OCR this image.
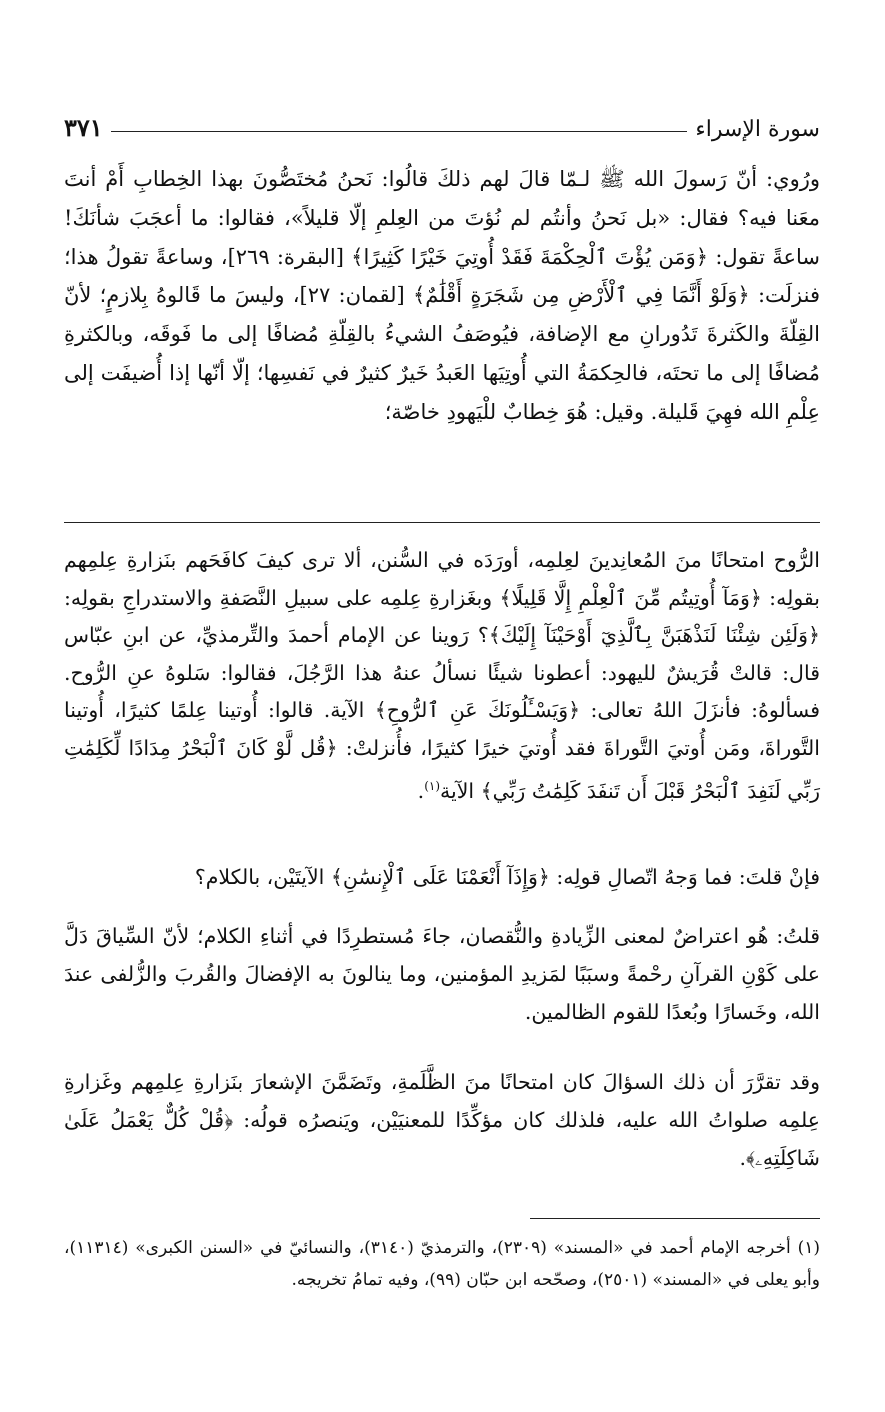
سورة الإسراء
٣٧١

ورُوي: أنّ رَسولَ الله ﷺ لـمّا قالَ لهم ذلكَ قالُوا: نَحنُ مُختَصُّونَ بهذا الخِطابِ أَمْ أنتَ معَنا فيه؟ فقال: «بل نَحنُ وأنتُم لم نُؤتَ من العِلمِ إلّا قليلاً»، فقالوا: ما أعجَبَ شأنَكَ! ساعةً تقول: ﴿وَمَن يُؤْتَ ٱلْحِكْمَةَ فَقَدْ أُوتِيَ خَيْرًا كَثِيرًا﴾ [البقرة: ٢٦٩]، وساعةً تقولُ هذا؛ فنزلَت: ﴿وَلَوْ أَنَّمَا فِي ٱلْأَرْضِ مِن شَجَرَةٍ أَقْلَٰمٌ﴾ [لقمان: ٢٧]، وليسَ ما قَالوهُ بِلازمٍ؛ لأنّ القِلّةَ والكَثرةَ تَدُورانِ مع الإضافة، فيُوصَفُ الشيءُ بالقِلّةِ مُضافًا إلى ما فَوقَه، وبالكثرةِ مُضافًا إلى ما تحتَه، فالحِكمَةُ التي أُوتِيَها العَبدُ خَيرٌ كثيرٌ في نَفسِها؛ إلّا أنّها إذا أُضيفَت إلى عِلْمِ الله فهِيَ قَليلة. وقيل: هُوَ خِطابٌ للْيَهودِ خاصّة؛

الرُّوح امتحانًا منَ المُعانِدينَ لعِلمِه، أورَدَه في السُّنن، ألا ترى كيفَ كافَحَهم بنَزارةِ عِلمِهم بقولِه: ﴿وَمَآ أُوتِيتُم مِّنَ ٱلْعِلْمِ إِلَّا قَلِيلًا﴾ وبغَزارةِ عِلمِه على سبيلِ النَّصَفةِ والاستدراجِ بقولِه: ﴿وَلَئِن شِئْنَا لَنَذْهَبَنَّ بِٱلَّذِيٓ أَوْحَيْنَآ إِلَيْكَ﴾؟ رَوينا عن الإمام أحمدَ والتِّرمذيِّ، عن ابنِ عبّاس قال: قالتْ قُرَيشٌ لليهود: أعطونا شيئًا نسألُ عنهُ هذا الرَّجُلَ، فقالوا: سَلوهُ عنِ الرُّوح. فسألوهُ: فأنزَلَ اللهُ تعالى: ﴿وَيَسْـَٔلُونَكَ عَنِ ٱلرُّوحِ﴾ الآية. قالوا: أُوتينا عِلمًا كثيرًا، أُوتينا التَّوراةَ، ومَن أُوتيَ التَّوراةَ فقد أُوتيَ خيرًا كثيرًا، فأُنزلتْ: ﴿قُل لَّوْ كَانَ ٱلْبَحْرُ مِدَادًا لِّكَلِمَٰتِ رَبِّي لَنَفِدَ ٱلْبَحْرُ قَبْلَ أَن تَنفَدَ كَلِمَٰتُ رَبِّي﴾ الآية$^{(١)}$.

فإنْ قلتَ: فما وَجهُ اتّصالِ قولِه: ﴿وَإِذَآ أَنْعَمْنَا عَلَى ٱلْإِنسَٰنِ﴾ الآيتَيْن، بالكلام؟

قلتُ: هُو اعتراضٌ لمعنى الزِّيادةِ والنُّقصان، جاءَ مُستطرِدًا في أثناءِ الكلام؛ لأنّ السِّياقَ دَلَّ على كَوْنِ القرآنِ رحْمةً وسبَبًا لمَزيدِ المؤمنين، وما ينالونَ به الإفضالَ والقُربَ والزُّلفى عندَ الله، وخَسارًا وبُعدًا للقوم الظالمين.

وقد تقرَّرَ أن ذلك السؤالَ كان امتحانًا منَ الظَّلَمةِ، وتَضَمَّنَ الإشعارَ بنَزارةِ عِلمِهم وغَزارةِ عِلمِه صلواتُ الله عليه، فلذلك كان مؤكِّدًا للمعنيَيْن، ويَنصرُه قولُه: ﴿قُلْ كُلٌّ يَعْمَلُ عَلَىٰ شَاكِلَتِهِۦ﴾.

(١) أخرجه الإمام أحمد في «المسند» (٢٣٠٩)، والترمذيّ (٣١٤٠)، والنسائيّ في «السنن الكبرى» (١١٣١٤)، وأبو يعلى في «المسند» (٢٥٠١)، وصحّحه ابن حبّان (٩٩)، وفيه تمامُ تخريجه.
